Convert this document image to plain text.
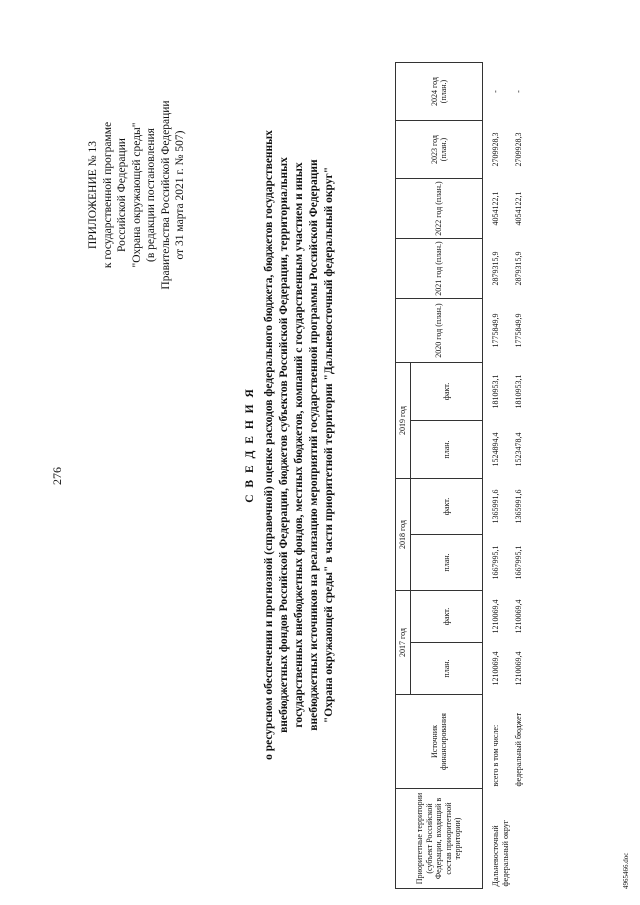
276
ПРИЛОЖЕНИЕ № 13 к государственной программе Российской Федерации "Охрана окружающей среды" (в редакции постановления Правительства Российской Федерации от 31 марта 2021 г. № 507)
С В Е Д Е Н И Я о ресурсном обеспечении и прогнозной (справочной) оценке расходов федерального бюджета, бюджетов государственных внебюджетных фондов Российской Федерации, бюджетов субъектов Российской Федерации, территориальных государственных внебюджетных фондов, местных бюджетов, компаний с государственным участием и иных внебюджетных источников на реализацию мероприятий государственной программы Российской Федерации "Охрана окружающей среды" в части приоритетной территории "Дальневосточный федеральный округ"
Приоритетные территории (субъект Российской Федерации, входящий в состав приоритетной территории)	Источник финансирования	2017 год		2018 год		2019 год		2020 год (план.)	2021 год (план.)	2022 год (план.)	2023 год (план.)	2024 год (план.)
		план.	факт.	план.	факт.	план.	факт.					
Дальневосточный федеральный округ	всего в том числе:	1210069,4	1210069,4	1667995,1	1365991,6	1524894,4	1810953,1	1775849,9	2879315,9	4054122,1	2709928,3	-
	федеральный бюджет	1210069,4	1210069,4	1667995,1	1365991,6	1523478,4	1810953,1	1775849,9	2879315,9	4054122,1	2709928,3	-
4965466.doc
